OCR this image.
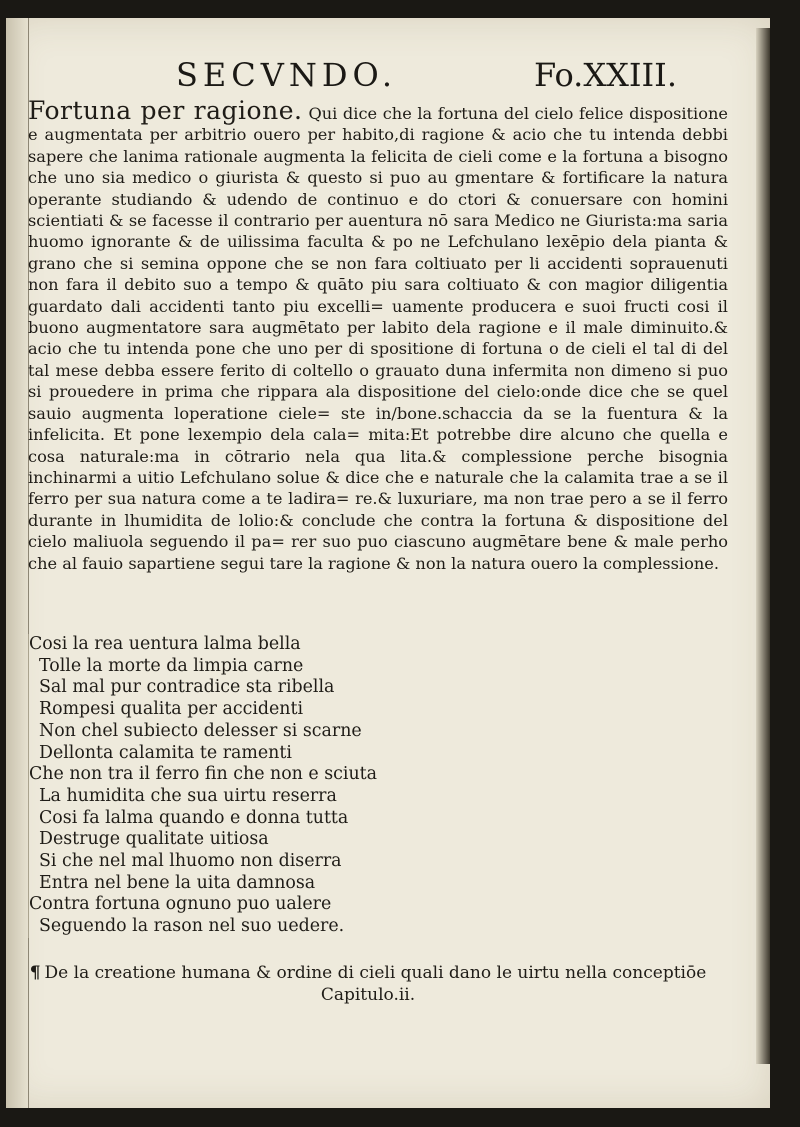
SECVNDO.	Fo.XXIII.
Fortuna per ragione. Qui dice che la fortuna del cielo felice dispositione e augmentata per arbitrio ouero per habito,di ragione & acio che tu intenda debbi sapere che lanima rationale augmenta la felicita de cieli come e la fortuna a bisogno che uno sia medico o giurista & questo si puo au gmentare & fortificare la natura operante studiando & udendo de continuo e do ctori & conuersare con homini scientiati & se facesse il contrario per auentura nō sara Medico ne Giurista:ma saria huomo ignorante & de uilissima faculta & po ne Lefchulano lexēpio dela pianta & grano che si semina oppone che se non fara coltiuato per li accidenti soprauenuti non fara il debito suo a tempo & quāto piu sara coltiuato & con magior diligentia guardato dali accidenti tanto piu excelli= uamente producera e suoi fructi cosi il buono augmentatore sara augmētato per labito dela ragione e il male diminuito.& acio che tu intenda pone che uno per di spositione di fortuna o de cieli el tal di del tal mese debba essere ferito di coltello o grauato duna infermita non dimeno si puo si prouedere in prima che rippara ala dispositione del cielo:onde dice che se quel sauio augmenta loperatione ciele= ste in/bone.schaccia da se la fuentura & la infelicita. Et pone lexempio dela cala= mita:Et potrebbe dire alcuno che quella e cosa naturale:ma in cōtrario nela qua lita.& complessione perche bisognia inchinarmi a uitio Lefchulano solue & dice che e naturale che la calamita trae a se il ferro per sua natura come a te ladira= re.& luxuriare, ma non trae pero a se il ferro durante in lhumidita de lolio:& conclude che contra la fortuna & dispositione del cielo maliuola seguendo il pa= rer suo puo ciascuno augmētare bene & male perho che al fauio sapartiene segui tare la ragione & non la natura ouero la complessione.
Cosi la rea uentura lalma bella
Tolle la morte da limpia carne
Sal mal pur contradice sta ribella
Rompesi qualita per accidenti
Non chel subiecto delesser si scarne
Dellonta calamita te ramenti
Che non tra il ferro fin che non e sciuta
La humidita che sua uirtu reserra
Cosi fa lalma quando e donna tutta
Destruge qualitate uitiosa
Si che nel mal lhuomo non diserra
Entra nel bene la uita damnosa
Contra fortuna ognuno puo ualere
Seguendo la rason nel suo uedere.
¶ De la creatione humana & ordine di cieli quali dano le uirtu nella conceptiōe
Capitulo.ii.
